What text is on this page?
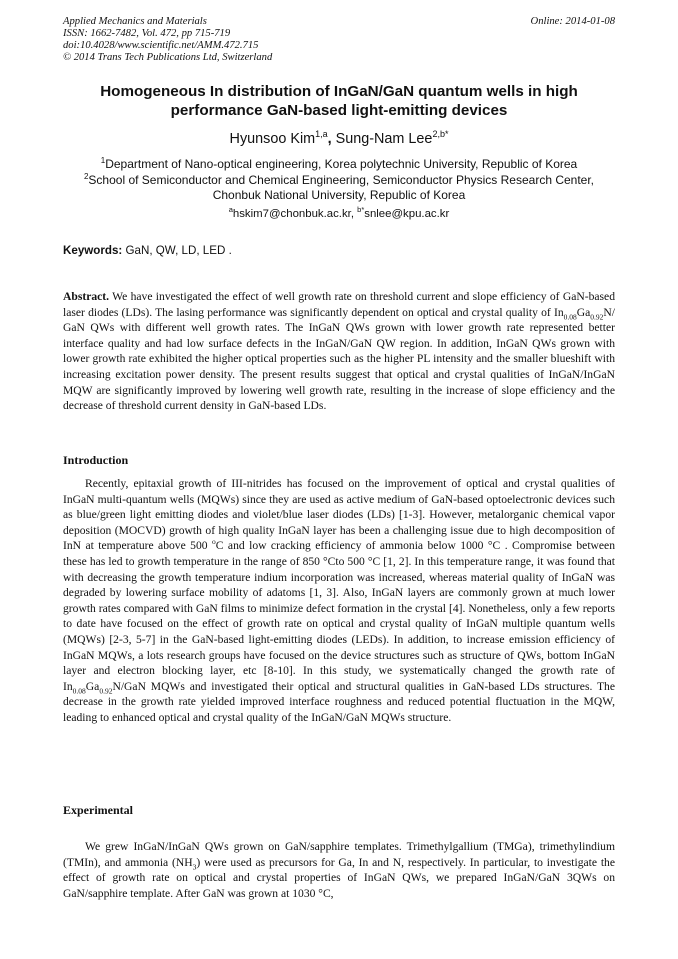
Applied Mechanics and Materials
ISSN: 1662-7482, Vol. 472, pp 715-719
doi:10.4028/www.scientific.net/AMM.472.715
© 2014 Trans Tech Publications Ltd, Switzerland
Online: 2014-01-08
Homogeneous In distribution of InGaN/GaN quantum wells in high performance GaN-based light-emitting devices
Hyunsoo Kim$^{1,a}$, Sung-Nam Lee$^{2,b*}$
$^1$Department of Nano-optical engineering, Korea polytechnic University, Republic of Korea
$^2$School of Semiconductor and Chemical Engineering, Semiconductor Physics Research Center,
Chonbuk National University, Republic of Korea
$^a$hskim7@chonbuk.ac.kr, $^{b*}$snlee@kpu.ac.kr
Keywords: GaN, QW, LD, LED .

Abstract. We have investigated the effect of well growth rate on threshold current and slope efficiency of GaN-based laser diodes (LDs). The lasing performance was significantly dependent on optical and crystal quality of $In_{0.08}Ga_{0.92}N/$ GaN QWs with different well growth rates. The InGaN QWs grown with lower growth rate represented better interface quality and had low surface defects in the InGaN/GaN QW region. In addition, InGaN QWs grown with lower growth rate exhibited the higher optical properties such as the higher PL intensity and the smaller blueshift with increasing excitation power density. The present results suggest that optical and crystal qualities of InGaN/InGaN MQW are significantly improved by lowering well growth rate, resulting in the increase of slope efficiency and the decrease of threshold current density in GaN-based LDs.

Introduction

Recently, epitaxial growth of III-nitrides has focused on the improvement of optical and crystal qualities of InGaN multi-quantum wells (MQWs) since they are used as active medium of GaN-based optoelectronic devices such as blue/green light emitting diodes and violet/blue laser diodes (LDs) [1-3]. However, metalorganic chemical vapor deposition (MOCVD) growth of high quality InGaN layer has been a challenging issue due to high decomposition of InN at temperature above 500 $^o$C and low cracking efficiency of ammonia below 1000 °C . Compromise between these has led to growth temperature in the range of 850 °Cto 500 °C [1, 2]. In this temperature range, it was found that with decreasing the growth temperature indium incorporation was increased, whereas material quality of InGaN was degraded by lowering surface mobility of adatoms [1, 3]. Also, InGaN layers are commonly grown at much lower growth rates compared with GaN films to minimize defect formation in the crystal [4]. Nonetheless, only a few reports to date have focused on the effect of growth rate on optical and crystal quality of InGaN multiple quantum wells (MQWs) [2-3, 5-7] in the GaN-based light-emitting diodes (LEDs). In addition, to increase emission efficiency of InGaN MQWs, a lots research groups have focused on the device structures such as structure of QWs, bottom InGaN layer and electron blocking layer, etc [8-10]. In this study, we systematically changed the growth rate of $In_{0.08}Ga_{0.92}N$/GaN MQWs and investigated their optical and structural qualities in GaN-based LDs structures. The decrease in the growth rate yielded improved interface roughness and reduced potential fluctuation in the MQW, leading to enhanced optical and crystal quality of the InGaN/GaN MQWs structure.

Experimental

We grew InGaN/InGaN QWs grown on GaN/sapphire templates. Trimethylgallium (TMGa), trimethylindium (TMIn), and ammonia $(NH_3)$ were used as precursors for Ga, In and N, respectively. In particular, to investigate the effect of growth rate on optical and crystal properties of InGaN QWs, we prepared InGaN/GaN 3QWs on GaN/sapphire template. After GaN was grown at 1030 °C,
